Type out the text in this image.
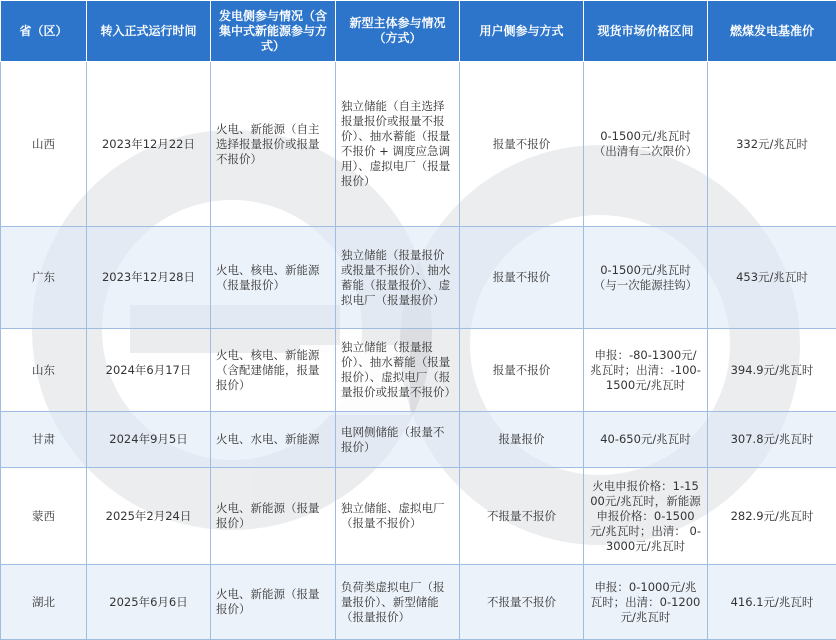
省（区）	转入正式运行时间	发电侧参与情况（含集中式新能源参与方式）	新型主体参与情况（方式）	用户侧参与方式	现货市场价格区间	燃煤发电基准价
山西	2023年12月22日	火电、新能源（自主选择报量报价或报量不报价）	独立储能（自主选择报量报价或报量不报价）、抽水蓄能（报量不报价 + 调度应急调用）、虚拟电厂（报量报价）	报量不报价	0-1500元/兆瓦时（出清有二次限价）	332元/兆瓦时
广东	2023年12月28日	火电、核电、新能源（报量报价）	独立储能（报量报价或报量不报价）、抽水蓄能（报量报价）、虚拟电厂（报量报价）	报量不报价	0-1500元/兆瓦时（与一次能源挂钩）	453元/兆瓦时
山东	2024年6月17日	火电、核电、新能源（含配建储能，报量报价）	独立储能（报量报价）、抽水蓄能（报量报价）、虚拟电厂（报量报价或报量不报价）	报量不报价	申报：-80-1300元/兆瓦时；出清：-100-1500元/兆瓦时	394.9元/兆瓦时
甘肃	2024年9月5日	火电、水电、新能源	电网侧储能（报量不报价）	报量报价	40-650元/兆瓦时	307.8元/兆瓦时
蒙西	2025年2月24日	火电、新能源（报量报价）	独立储能、虚拟电厂（报量不报价）	不报量不报价	火电申报价格：1-1500元/兆瓦时，新能源申报价格：0-1500元/兆瓦时；出清： 0-3000元/兆瓦时	282.9元/兆瓦时
湖北	2025年6月6日	火电、新能源（报量报价）	负荷类虚拟电厂（报量报价）、新型储能（报量报价）	不报量不报价	申报：0-1000元/兆瓦时；出清：0-1200元/兆瓦时	416.1元/兆瓦时
